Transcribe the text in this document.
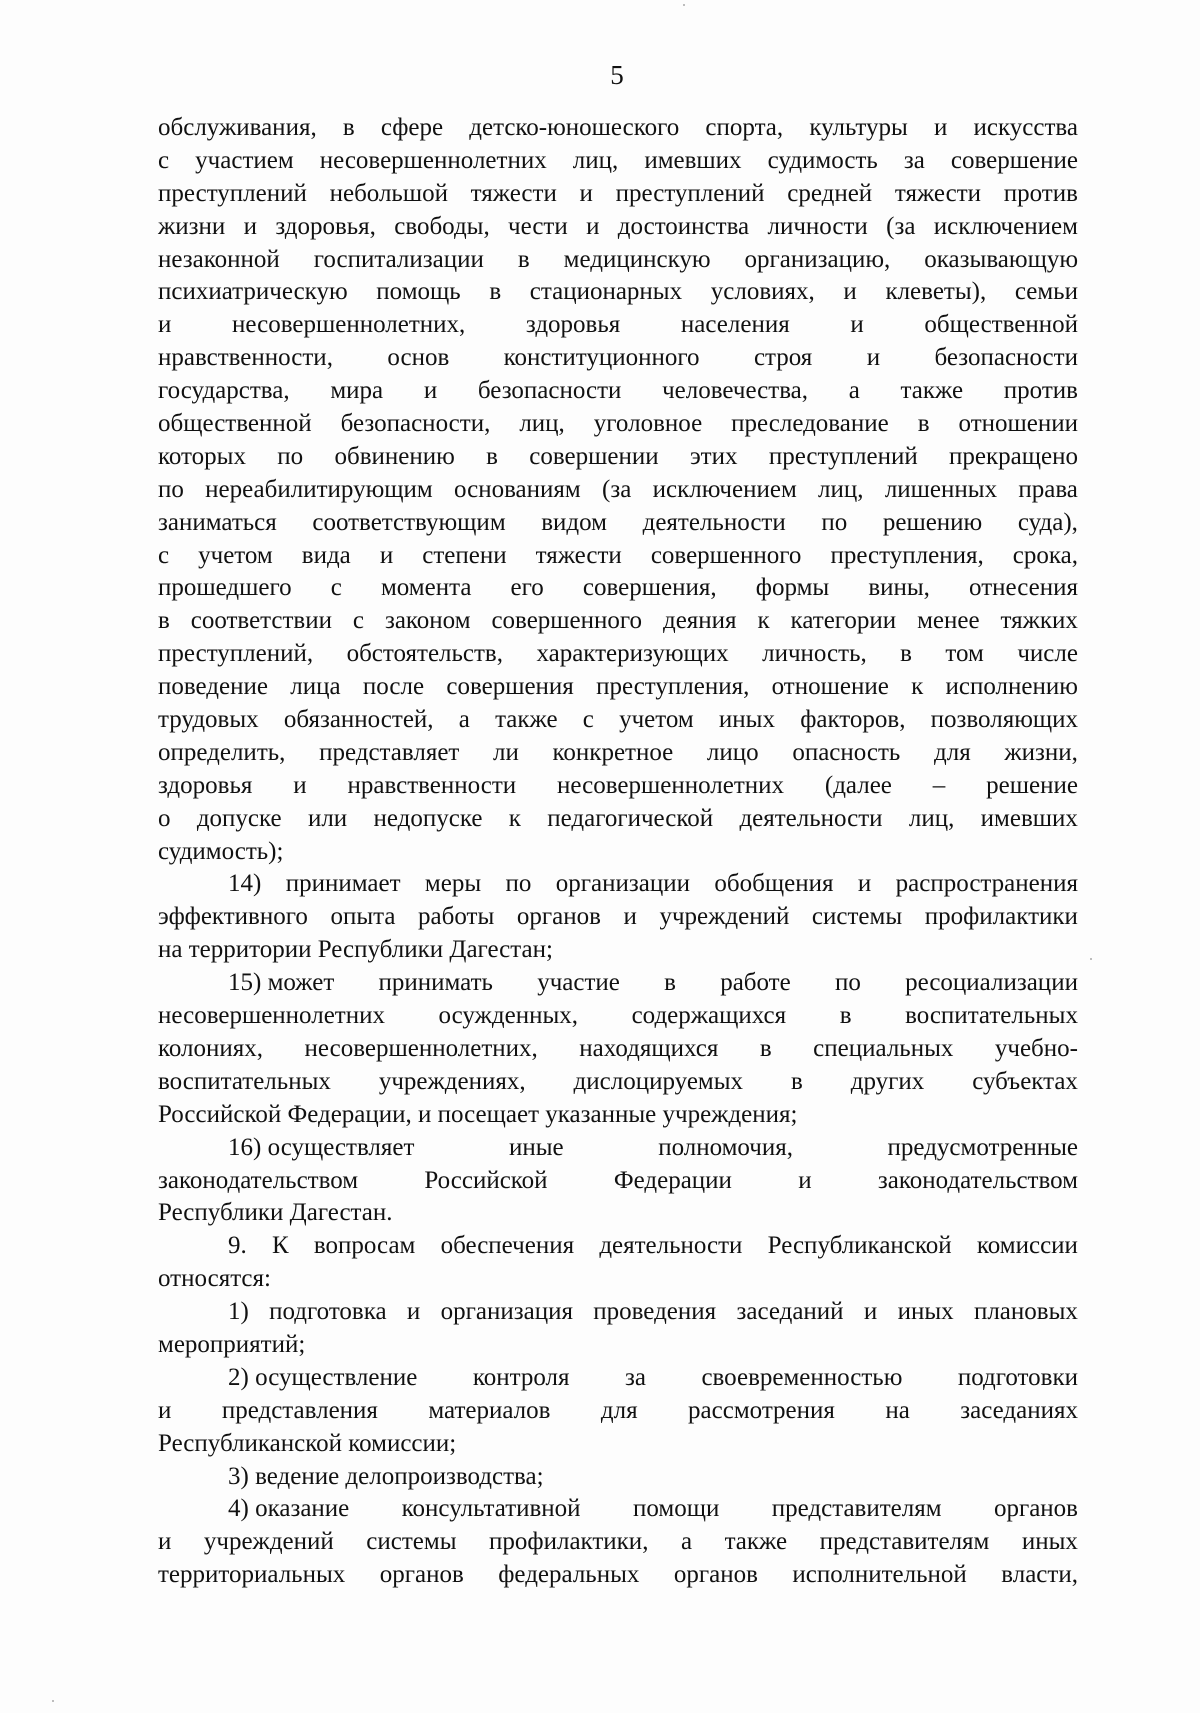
5
обслуживания, в сфере детско-юношеского спорта, культуры и искусства
с участием несовершеннолетних лиц, имевших судимость за совершение
преступлений небольшой тяжести и преступлений средней тяжести против
жизни и здоровья, свободы, чести и достоинства личности (за исключением
незаконной госпитализации в медицинскую организацию, оказывающую
психиатрическую помощь в стационарных условиях, и клеветы), семьи
и несовершеннолетних, здоровья населения и общественной
нравственности, основ конституционного строя и безопасности
государства, мира и безопасности человечества, а также против
общественной безопасности, лиц, уголовное преследование в отношении
которых по обвинению в совершении этих преступлений прекращено
по нереабилитирующим основаниям (за исключением лиц, лишенных права
заниматься соответствующим видом деятельности по решению суда),
с учетом вида и степени тяжести совершенного преступления, срока,
прошедшего с момента его совершения, формы вины, отнесения
в соответствии с законом совершенного деяния к категории менее тяжких
преступлений, обстоятельств, характеризующих личность, в том числе
поведение лица после совершения преступления, отношение к исполнению
трудовых обязанностей, а также с учетом иных факторов, позволяющих
определить, представляет ли конкретное лицо опасность для жизни,
здоровья и нравственности несовершеннолетних (далее – решение
о допуске или недопуске к педагогической деятельности лиц, имевших
судимость);
14) принимает меры по организации обобщения и распространения
эффективного опыта работы органов и учреждений системы профилактики
на территории Республики Дагестан;
15) может принимать участие в работе по ресоциализации
несовершеннолетних осужденных, содержащихся в воспитательных
колониях, несовершеннолетних, находящихся в специальных учебно-
воспитательных учреждениях, дислоцируемых в других субъектах
Российской Федерации, и посещает указанные учреждения;
16) осуществляет	иные	полномочия,	предусмотренные
законодательством	Российской	Федерации	и	законодательством
Республики Дагестан.
9. К вопросам обеспечения деятельности Республиканской комиссии
относятся:
1) подготовка и организация проведения заседаний и иных плановых
мероприятий;
2) осуществление контроля за своевременностью подготовки
и представления материалов для рассмотрения на заседаниях
Республиканской комиссии;
3) ведение делопроизводства;
4) оказание консультативной помощи представителям органов
и учреждений системы профилактики, а также представителям иных
территориальных органов федеральных органов исполнительной власти,
